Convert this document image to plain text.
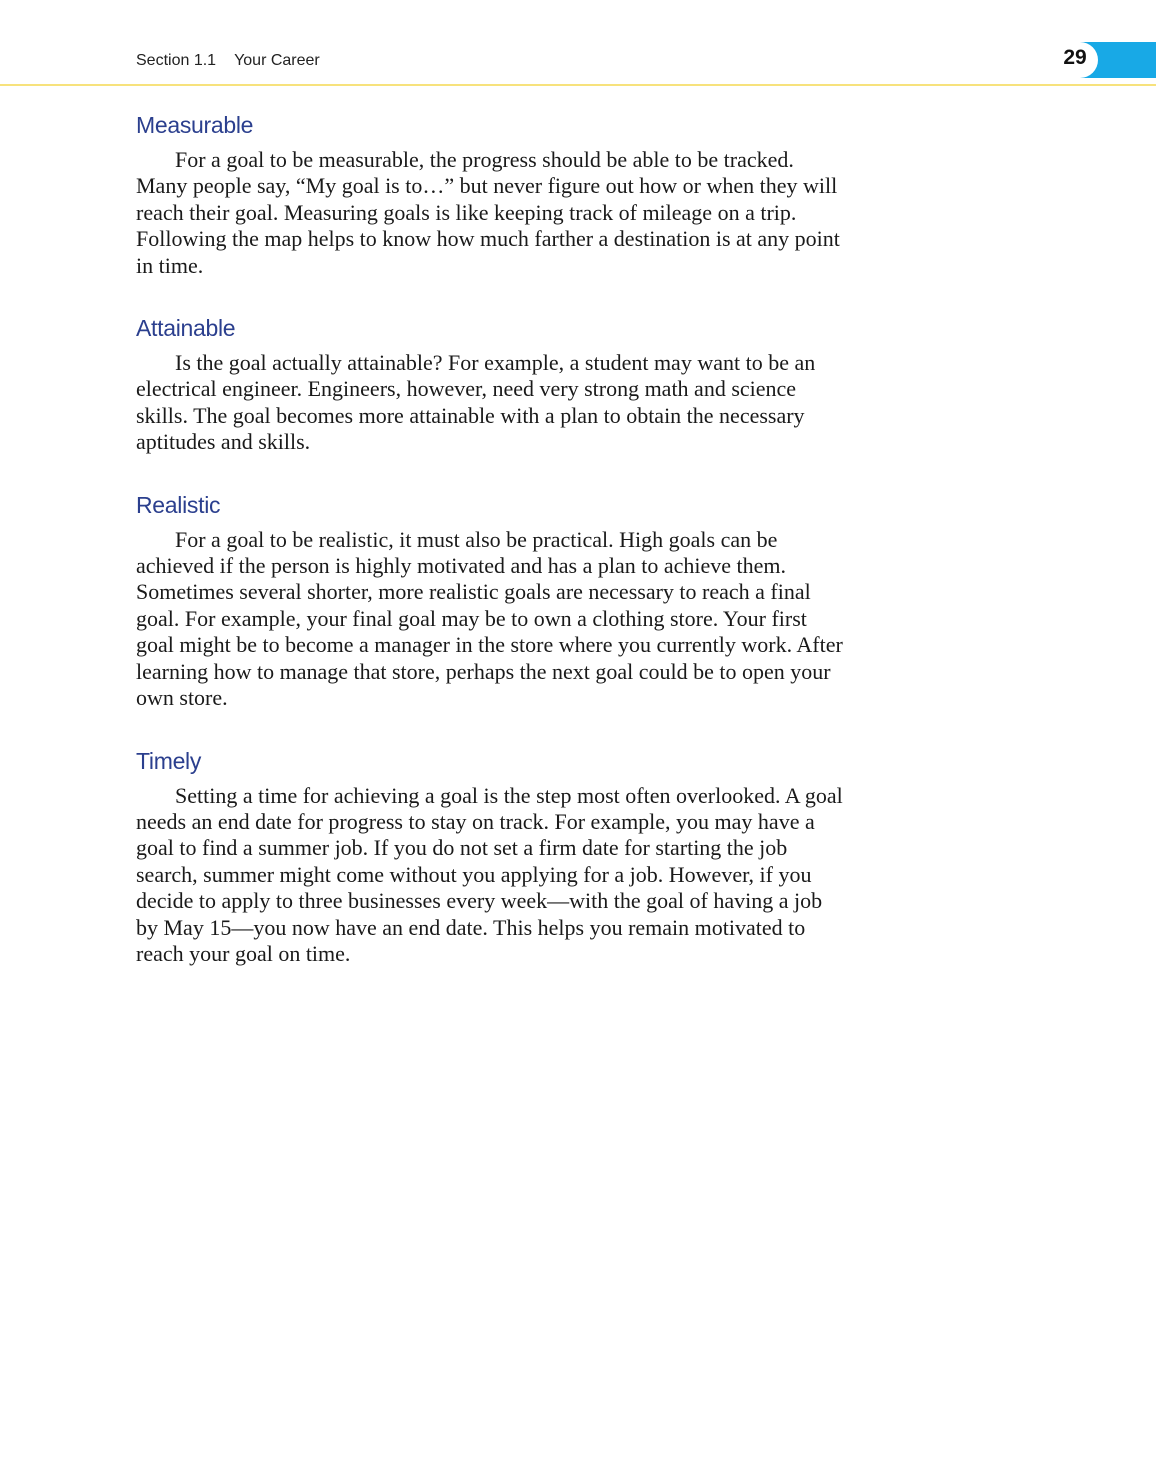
Section 1.1 Your Career	29
Measurable

For a goal to be measurable, the progress should be able to be tracked. Many people say, “My goal is to…” but never figure out how or when they will reach their goal. Measuring goals is like keeping track of mileage on a trip. Following the map helps to know how much farther a destination is at any point in time.

Attainable

Is the goal actually attainable? For example, a student may want to be an electrical engineer. Engineers, however, need very strong math and science skills. The goal becomes more attainable with a plan to obtain the necessary aptitudes and skills.

Realistic

For a goal to be realistic, it must also be practical. High goals can be achieved if the person is highly motivated and has a plan to achieve them. Sometimes several shorter, more realistic goals are necessary to reach a final goal. For example, your final goal may be to own a clothing store. Your first goal might be to become a manager in the store where you currently work. After learning how to manage that store, perhaps the next goal could be to open your own store.

Timely

Setting a time for achieving a goal is the step most often overlooked. A goal needs an end date for progress to stay on track. For example, you may have a goal to find a summer job. If you do not set a firm date for starting the job search, summer might come without you applying for a job. However, if you decide to apply to three businesses every week—with the goal of having a job by May 15—you now have an end date. This helps you remain motivated to reach your goal on time.
